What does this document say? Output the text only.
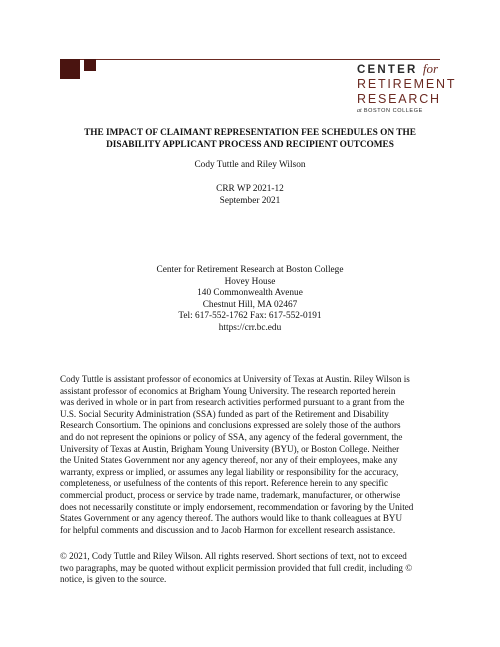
CENTER for
RETIREMENT
RESEARCH
at BOSTON COLLEGE
THE IMPACT OF CLAIMANT REPRESENTATION FEE SCHEDULES ON THE
DISABILITY APPLICANT PROCESS AND RECIPIENT OUTCOMES
Cody Tuttle and Riley Wilson
CRR WP 2021-12
September 2021
Center for Retirement Research at Boston College
Hovey House
140 Commonwealth Avenue
Chestnut Hill, MA 02467
Tel: 617-552-1762 Fax: 617-552-0191
https://crr.bc.edu
Cody Tuttle is assistant professor of economics at University of Texas at Austin. Riley Wilson is
assistant professor of economics at Brigham Young University. The research reported herein
was derived in whole or in part from research activities performed pursuant to a grant from the
U.S. Social Security Administration (SSA) funded as part of the Retirement and Disability
Research Consortium. The opinions and conclusions expressed are solely those of the authors
and do not represent the opinions or policy of SSA, any agency of the federal government, the
University of Texas at Austin, Brigham Young University (BYU), or Boston College. Neither
the United States Government nor any agency thereof, nor any of their employees, make any
warranty, express or implied, or assumes any legal liability or responsibility for the accuracy,
completeness, or usefulness of the contents of this report. Reference herein to any specific
commercial product, process or service by trade name, trademark, manufacturer, or otherwise
does not necessarily constitute or imply endorsement, recommendation or favoring by the United
States Government or any agency thereof. The authors would like to thank colleagues at BYU
for helpful comments and discussion and to Jacob Harmon for excellent research assistance.
© 2021, Cody Tuttle and Riley Wilson. All rights reserved. Short sections of text, not to exceed
two paragraphs, may be quoted without explicit permission provided that full credit, including ©
notice, is given to the source.
